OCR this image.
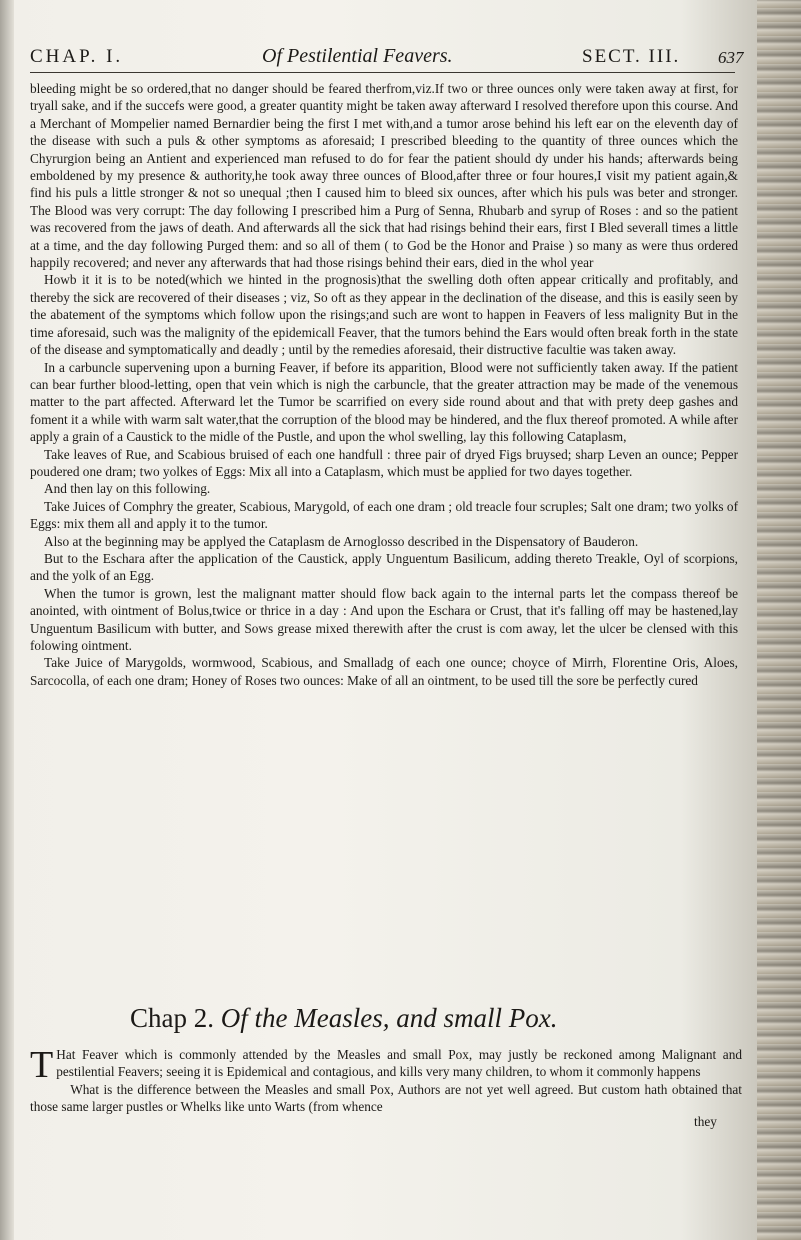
CHAP. I.	Of Pestilential Feavers.	SECT. III. 637

bleeding might be so ordered,that no danger should be feared therfrom,viz.If two or three ounces only were taken away at first, for tryall sake, and if the succefs were good, a greater quantity might be taken away afterward I resolved therefore upon this course. And a Merchant of Mompelier named Bernardier being the first I met with,and a tumor arose behind his left ear on the eleventh day of the disease with such a puls & other symptoms as aforesaid; I prescribed bleeding to the quantity of three ounces which the Chyrurgion being an Antient and experienced man refused to do for fear the patient should dy under his hands; afterwards being emboldened by my presence & authority,he took away three ounces of Blood,after three or four houres,I visit my patient again,& find his puls a little stronger & not so unequal ;then I caused him to bleed six ounces, after which his puls was beter and stronger. The Blood was very corrupt: The day following I prescribed him a Purg of Senna, Rhubarb and syrup of Roses : and so the patient was recovered from the jaws of death. And afterwards all the sick that had risings behind their ears, first I Bled severall times a little at a time, and the day following Purged them: and so all of them ( to God be the Honor and Praise ) so many as were thus ordered happily recovered; and never any afterwards that had those risings behind their ears, died in the whol year

Howb it it is to be noted(which we hinted in the prognosis)that the swelling doth often appear critically and profitably, and thereby the sick are recovered of their diseases ; viz, So oft as they appear in the declination of the disease, and this is easily seen by the abatement of the symptoms which follow upon the risings;and such are wont to happen in Feavers of less malignity But in the time aforesaid, such was the malignity of the epidemicall Feaver, that the tumors behind the Ears would often break forth in the state of the disease and symptomatically and deadly ; until by the remedies aforesaid, their distructive facultie was taken away.

In a carbuncle supervening upon a burning Feaver, if before its apparition, Blood were not sufficiently taken away. If the patient can bear further blood-letting, open that vein which is nigh the carbuncle, that the greater attraction may be made of the venemous matter to the part affected. Afterward let the Tumor be scarrified on every side round about and that with prety deep gashes and foment it a while with warm salt water,that the corruption of the blood may be hindered, and the flux thereof promoted. A while after apply a grain of a Caustick to the midle of the Pustle, and upon the whol swelling, lay this following Cataplasm,

Take leaves of Rue, and Scabious bruised of each one handfull : three pair of dryed Figs bruysed; sharp Leven an ounce; Pepper poudered one dram; two yolkes of Eggs: Mix all into a Cataplasm, which must be applied for two dayes together.

And then lay on this following.

Take Juices of Comphry the greater, Scabious, Marygold, of each one dram ; old treacle four scruples; Salt one dram; two yolks of Eggs: mix them all and apply it to the tumor.

Also at the beginning may be applyed the Cataplasm de Arnoglosso described in the Dispensatory of Bauderon.

But to the Eschara after the application of the Caustick, apply Unguentum Basilicum, adding thereto Treakle, Oyl of scorpions, and the yolk of an Egg.

When the tumor is grown, lest the malignant matter should flow back again to the internal parts let the compass thereof be anointed, with ointment of Bolus,twice or thrice in a day : And upon the Eschara or Crust, that it's falling off may be hastened,lay Unguentum Basilicum with butter, and Sows grease mixed therewith after the crust is com away, let the ulcer be clensed with this folowing ointment.

Take Juice of Marygolds, wormwood, Scabious, and Smalladg of each one ounce; choyce of Mirrh, Florentine Oris, Aloes, Sarcocolla, of each one dram; Honey of Roses two ounces: Make of all an ointment, to be used till the sore be perfectly cured

Chap 2. Of the Measles, and small Pox.

T Hat Feaver which is commonly attended by the Measles and small Pox, may justly be reckoned among Malignant and pestilential Feavers; seeing it is Epidemical and contagious, and kills very many children, to whom it commonly happens

What is the difference between the Measles and small Pox, Authors are not yet well agreed. But custom hath obtained that those same larger pustles or Whelks like unto Warts (from whence

they
